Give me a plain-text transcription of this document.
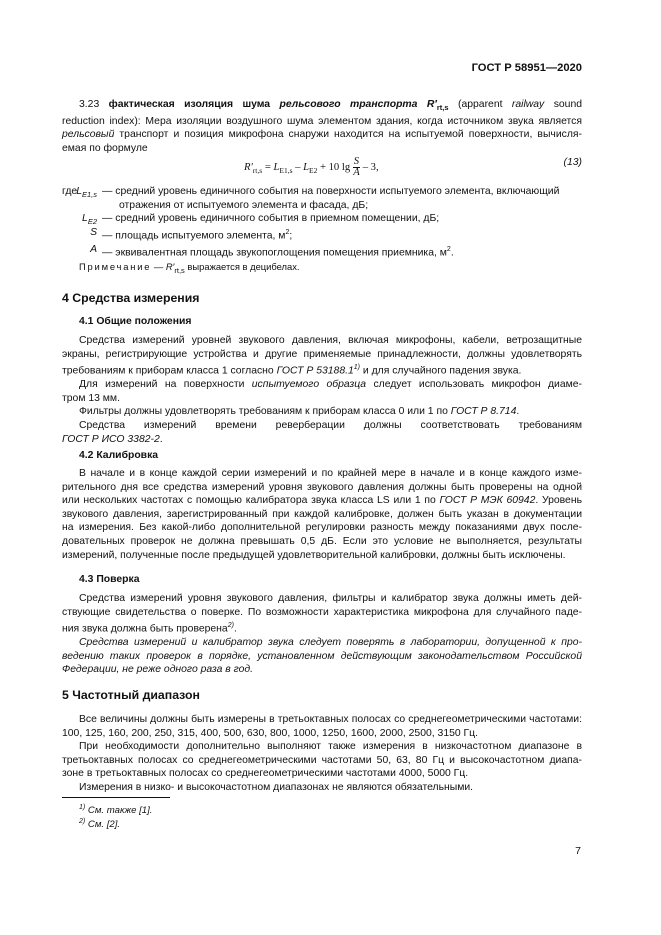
ГОСТ Р 58951—2020

3.23 фактическая изоляция шума рельсового транспорта $R'_{rt,s}$ (apparent railway sound

reduction index): Мера изоляции воздушного шума элементом здания, когда источником звука является

рельсовый транспорт и позиция микрофона снаружи находится на испытуемой поверхности, вычисля-

емая по формуле

$R'_{rt,s} = L_{E1,s} - L_{E2} + 10$ $\lg \frac{S}{A} - 3$,	(13)
где $L_{E1,s}$ — средний уровень единичного события на поверхности испытуемого элемента, включающий
отражения от испытуемого элемента и фасада, дБ;
$L_{E2}$ — средний уровень единичного события в приемном помещении, дБ;
S — площадь испытуемого элемента, $м^2$;
A — эквивалентная площадь звукопоглощения помещения приемника, $м^2$.
Примечание — $R'_{rt,s}$ выражается в децибелах.
4 Средства измерения
4.1 Общие положения

Средства измерений уровней звукового давления, включая микрофоны, кабели, ветрозащитные

экраны, регистрирующие устройства и другие применяемые принадлежности, должны удовлетворять

требованиям к приборам класса 1 согласно ГОСТ Р 53188.1$^{1)}$ и для случайного падения звука.

Для измерений на поверхности испытуемого образца следует использовать микрофон диаме-

тром 13 мм.

Фильтры должны удовлетворять требованиям к приборам класса 0 или 1 по ГОСТ Р 8.714.

Средства измерений времени реверберации должны соответствовать требованиям

ГОСТ Р ИСО 3382-2.

4.2 Калибровка

В начале и в конце каждой серии измерений и по крайней мере в начале и в конце каждого изме-

рительного дня все средства измерений уровня звукового давления должны быть проверены на одной

или нескольких частотах с помощью калибратора звука класса LS или 1 по ГОСТ Р МЭК 60942. Уровень

звукового давления, зарегистрированный при каждой калибровке, должен быть указан в документации

на измерения. Без какой-либо дополнительной регулировки разность между показаниями двух после-

довательных проверок не должна превышать 0,5 дБ. Если это условие не выполняется, результаты

измерений, полученные после предыдущей удовлетворительной калибровки, должны быть исключены.

4.3 Поверка

Средства измерений уровня звукового давления, фильтры и калибратор звука должны иметь дей-

ствующие свидетельства о поверке. По возможности характеристика микрофона для случайного паде-

ния звука должна быть проверена$^{2)}$.

Средства измерений и калибратор звука следует поверять в лаборатории, допущенной к про-

ведению таких проверок в порядке, установленном действующим законодательством Российской

Федерации, не реже одного раза в год.

5 Частотный диапазон

Все величины должны быть измерены в третьоктавных полосах со среднегеометрическими частотами:

100, 125, 160, 200, 250, 315, 400, 500, 630, 800, 1000, 1250, 1600, 2000, 2500, 3150 Гц.

При необходимости дополнительно выполняют также измерения в низкочастотном диапазоне в

третьоктавных полосах со среднегеометрическими частотами 50, 63, 80 Гц и высокочастотном диапа-

зоне в третьоктавных полосах со среднегеометрическими частотами 4000, 5000 Гц.

Измерения в низко- и высокочастотном диапазонах не являются обязательными.

$^{1)}$ См. также [1].
$^{2)}$ См. [2].
7
